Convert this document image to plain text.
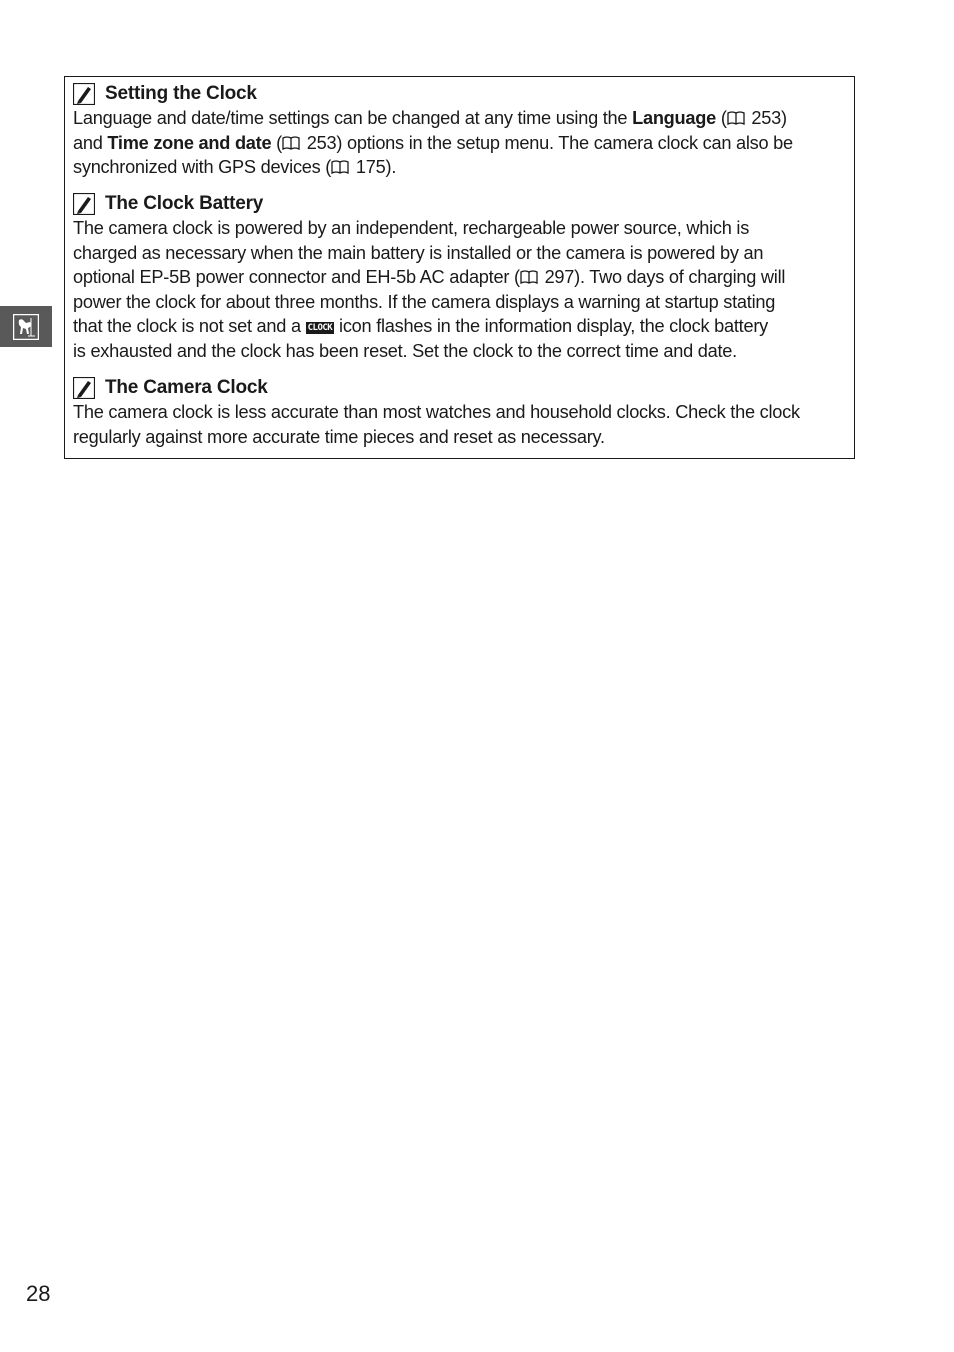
Setting the Clock

Language and date/time settings can be changed at any time using the Language ( 253)
and Time zone and date ( 253) options in the setup menu. The camera clock can also be
synchronized with GPS devices ( 175).

The Clock Battery

The camera clock is powered by an independent, rechargeable power source, which is
charged as necessary when the main battery is installed or the camera is powered by an
optional EP-5B power connector and EH-5b AC adapter ( 297). Two days of charging will
power the clock for about three months. If the camera displays a warning at startup stating
that the clock is not set and a CLOCK icon flashes in the information display, the clock battery
is exhausted and the clock has been reset. Set the clock to the correct time and date.

The Camera Clock

The camera clock is less accurate than most watches and household clocks. Check the clock
regularly against more accurate time pieces and reset as necessary.

28
